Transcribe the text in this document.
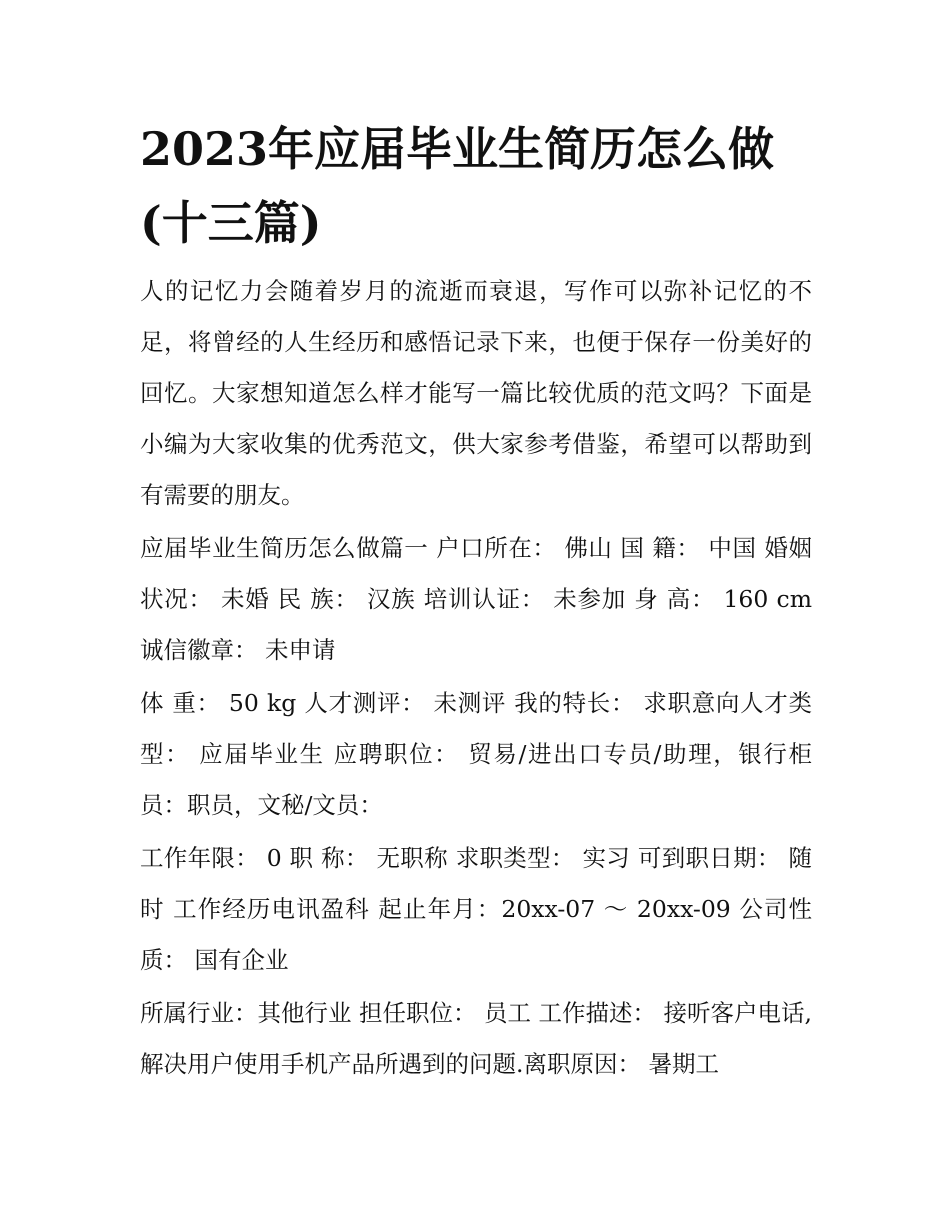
2023年应届毕业生简历怎么做(十三篇)

人的记忆力会随着岁月的流逝而衰退，写作可以弥补记忆的不足，将曾经的人生经历和感悟记录下来，也便于保存一份美好的回忆。大家想知道怎么样才能写一篇比较优质的范文吗？下面是小编为大家收集的优秀范文，供大家参考借鉴，希望可以帮助到有需要的朋友。

应届毕业生简历怎么做篇一 户口所在： 佛山 国 籍： 中国 婚姻状况： 未婚 民 族： 汉族 培训认证： 未参加 身 高： 160 cm 诚信徽章： 未申请

体 重： 50 kg 人才测评： 未测评 我的特长： 求职意向人才类型： 应届毕业生 应聘职位： 贸易/进出口专员/助理，银行柜员：职员，文秘/文员：

工作年限： 0 职 称： 无职称 求职类型： 实习 可到职日期： 随时 工作经历电讯盈科 起止年月：20xx-07 ～ 20xx-09 公司性质： 国有企业

所属行业：其他行业 担任职位： 员工 工作描述： 接听客户电话,解决用户使用手机产品所遇到的问题.离职原因： 暑期工
